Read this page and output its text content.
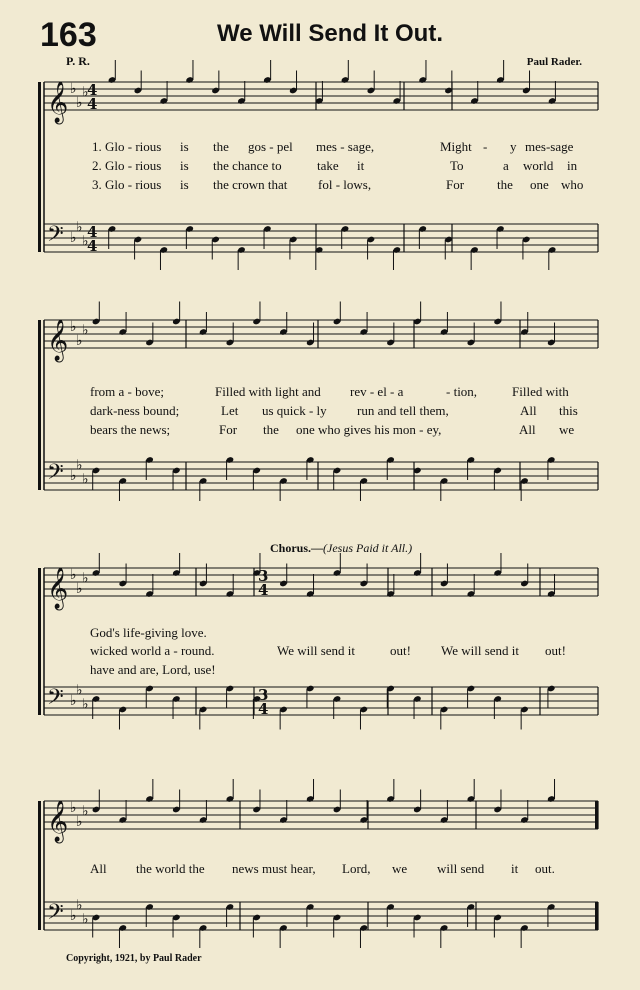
163	We Will Send It Out.
P. R.	Paul Rader.
𝄞 ♭
♭
♭
𝄢 ♭
♭
♭
4
4
4
4
𝄞 ♭
♭
♭
𝄢 ♭
♭
♭
𝄞 ♭
♭
♭
𝄢 ♭
♭
♭
3
4
3
4
𝄞 ♭
♭
♭
𝄢 ♭
♭
♭
1. Glo - rious is the gos - pel mes - sage,	Might - y mes-sage
2. Glo - rious is the chance to	take it	To	a world in
3. Glo - rious is the crown that fol - lows,	For	the one who
from a - bove;	Filled with light and rev - el - a	- tion,	Filled with
dark-ness bound;	Let us quick - ly run and tell them,	All this
bears the news;	For the one who gives his mon - ey,	All we
Chorus.—(Jesus Paid it All.)
God's life-giving love.
wicked world a - round.
have and are, Lord, use!
We will send it	out! We will send it out!
All the world the news must hear, Lord, we will send it out.
Copyright, 1921, by Paul Rader
